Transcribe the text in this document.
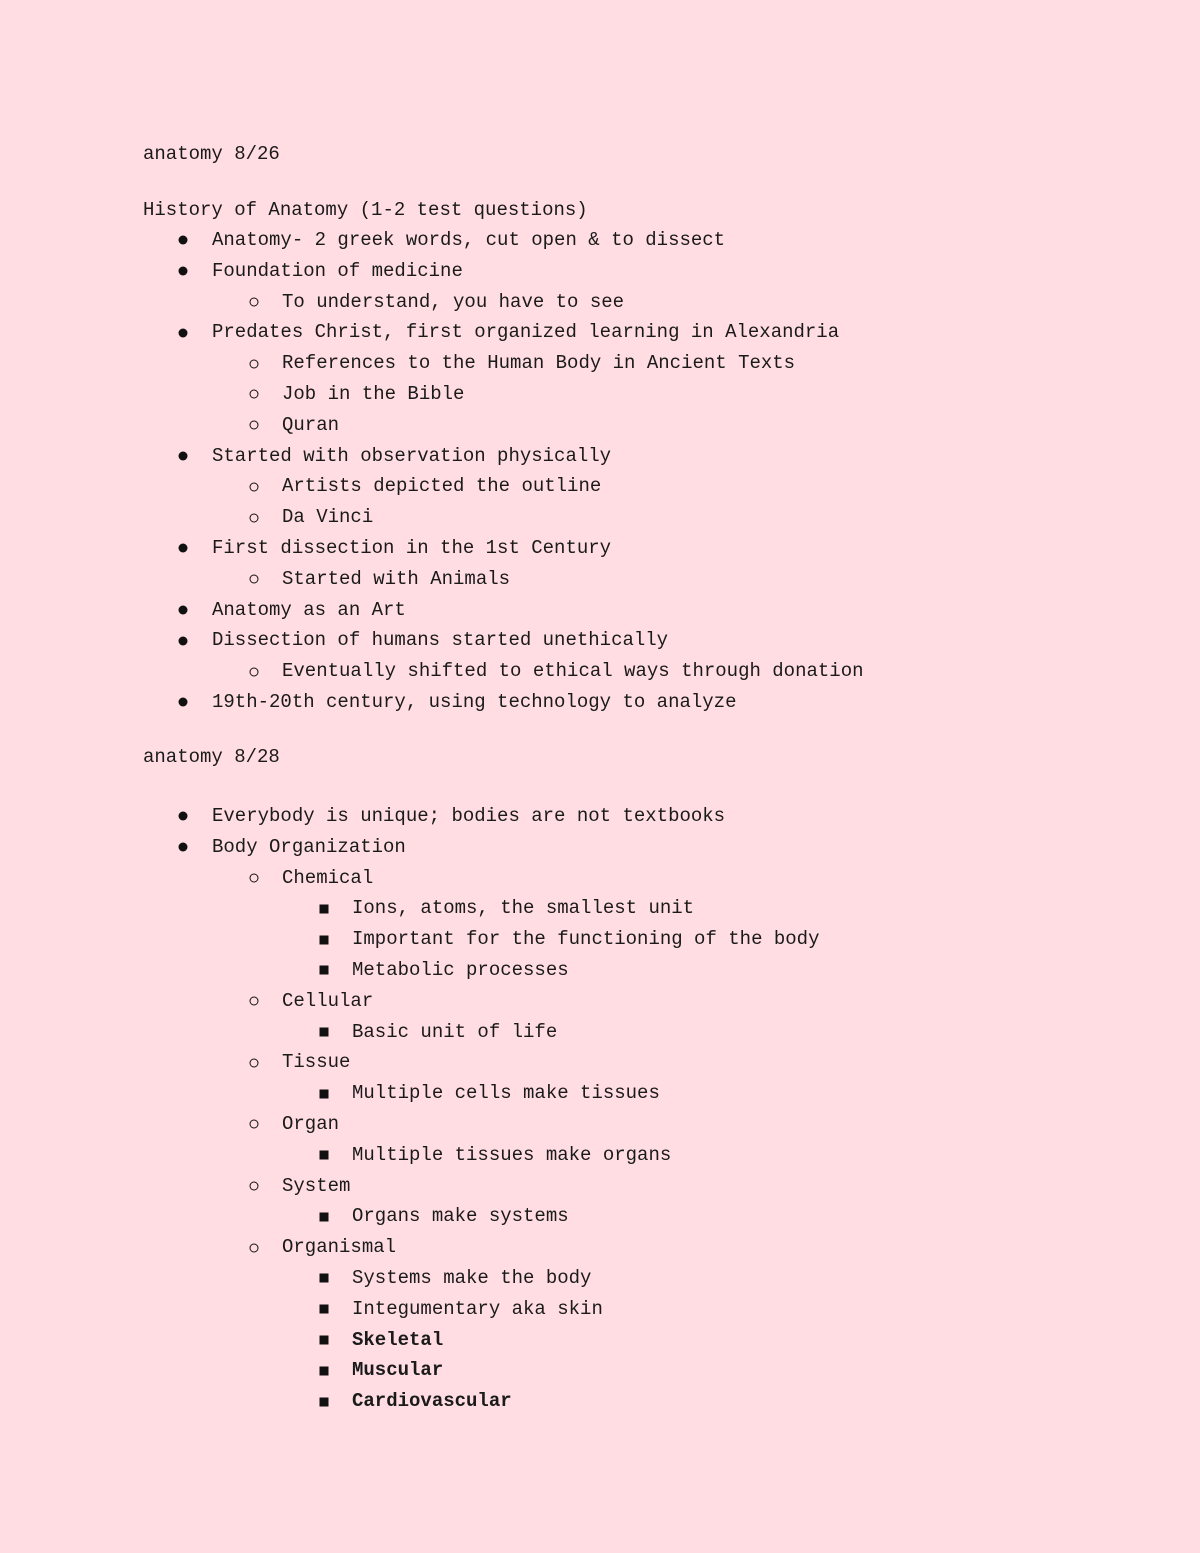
anatomy 8/26

History of Anatomy (1-2 test questions)

Anatomy- 2 greek words, cut open & to dissect
Foundation of medicine
To understand, you have to see
Predates Christ, first organized learning in Alexandria
References to the Human Body in Ancient Texts
Job in the Bible
Quran
Started with observation physically
Artists depicted the outline
Da Vinci
First dissection in the 1st Century
Started with Animals
Anatomy as an Art
Dissection of humans started unethically
Eventually shifted to ethical ways through donation
19th-20th century, using technology to analyze

anatomy 8/28

Everybody is unique; bodies are not textbooks
Body Organization
Chemical
Ions, atoms, the smallest unit
Important for the functioning of the body
Metabolic processes
Cellular
Basic unit of life
Tissue
Multiple cells make tissues
Organ
Multiple tissues make organs
System
Organs make systems
Organismal
Systems make the body
Integumentary aka skin
Skeletal
Muscular
Cardiovascular
